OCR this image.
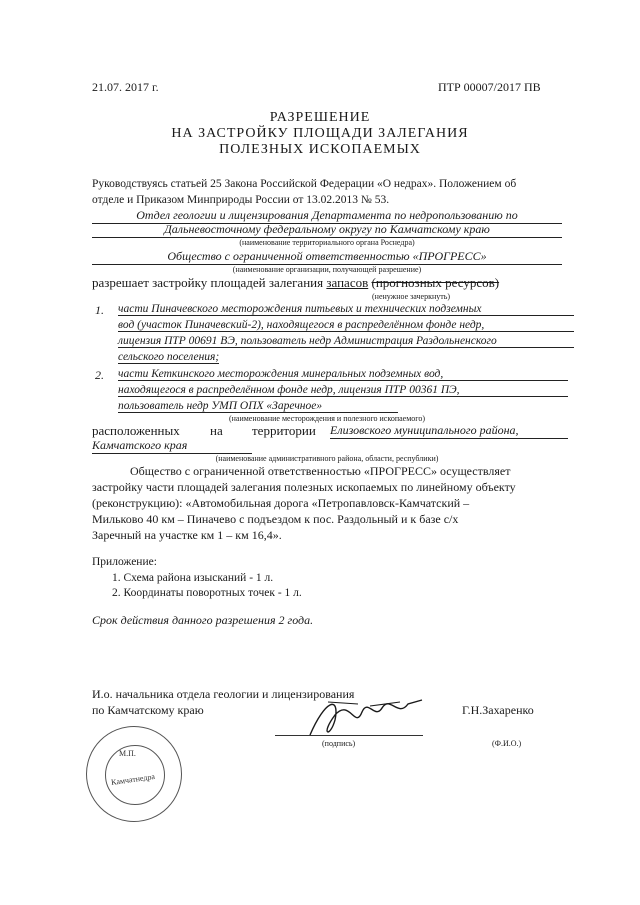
21.07. 2017 г.	ПТР 00007/2017 ПВ
РАЗРЕШЕНИЕ
НА ЗАСТРОЙКУ ПЛОЩАДИ ЗАЛЕГАНИЯ
ПОЛЕЗНЫХ ИСКОПАЕМЫХ
Руководствуясь статьей 25 Закона Российской Федерации «О недрах». Положением об
отделе и Приказом Минприроды России от 13.02.2013 № 53.
Отдел геологии и лицензирования Департамента по недропользованию по
Дальневосточному федеральному округу по Камчатскому краю
(наименование территориального органа Роснедра)
Общество с ограниченной ответственностью «ПРОГРЕСС»
(наименование организации, получающей разрешение)
разрешает застройку площадей залегания запасов (прогнозных ресурсов)
(ненужное зачеркнуть)
1. части Пиначевского месторождения питьевых и технических подземных
вод (участок Пиначевский-2), находящегося в распределённом фонде недр,
лицензия ПТР 00691 ВЭ, пользователь недр Администрация Раздольненского
сельского поселения;
2. части Кеткинского месторождения минеральных подземных вод,
находящегося в распределённом фонде недр, лицензия ПТР 00361 ПЭ,
пользователь недр УМП ОПХ «Заречное»
(наименование месторождения и полезного ископаемого)
расположенных на территории Елизовского муниципального района,
Камчатского края
(наименование административного района, области, республики)
Общество с ограниченной ответственностью «ПРОГРЕСС» осуществляет
застройку части площадей залегания полезных ископаемых по линейному объекту
(реконструкцию): «Автомобильная дорога «Петропавловск-Камчатский –
Мильково 40 км – Пиначево с подъездом к пос. Раздольный и к базе с/х
Заречный на участке км 1 – км 16,4».
Приложение:
1. Схема района изысканий - 1 л.
2. Координаты поворотных точек - 1 л.
Срок действия данного разрешения 2 года.
И.о. начальника отдела геологии и лицензирования
по Камчатскому краю	Г.Н.Захаренко
(подпись)	(Ф.И.О.)
М.П.
Камчатнедра
